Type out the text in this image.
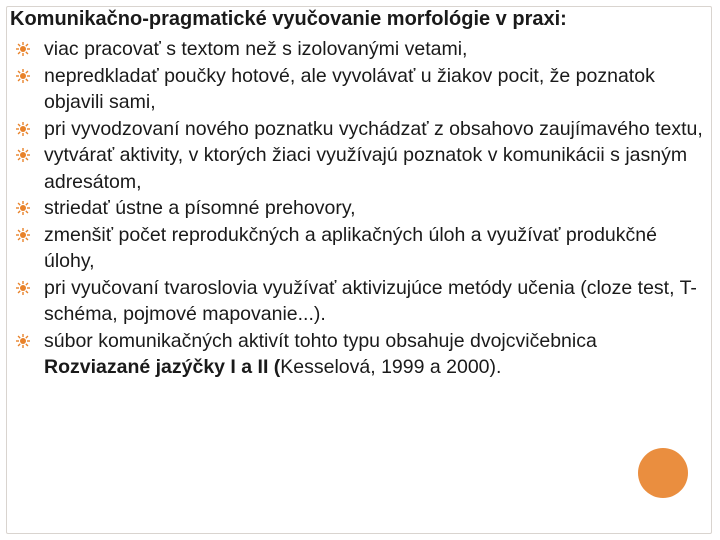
Komunikačno-pragmatické vyučovanie morfológie v praxi:
viac pracovať s textom než s izolovanými vetami,
nepredkladať poučky hotové, ale vyvolávať u žiakov pocit, že poznatok objavili sami,
pri vyvodzovaní nového poznatku vychádzať z obsahovo zaujímavého textu,
vytvárať aktivity, v ktorých žiaci využívajú poznatok v komunikácii s jasným adresátom,
striedať ústne a písomné prehovory,
zmenšiť počet reprodukčných a aplikačných úloh a využívať produkčné úlohy,
pri vyučovaní tvaroslovia využívať aktivizujúce metódy učenia (cloze test, T-schéma, pojmové mapovanie...).
súbor komunikačných aktivít tohto typu obsahuje dvojcvičebnica Rozviazané jazýčky I a II (Kesselová, 1999 a 2000).
